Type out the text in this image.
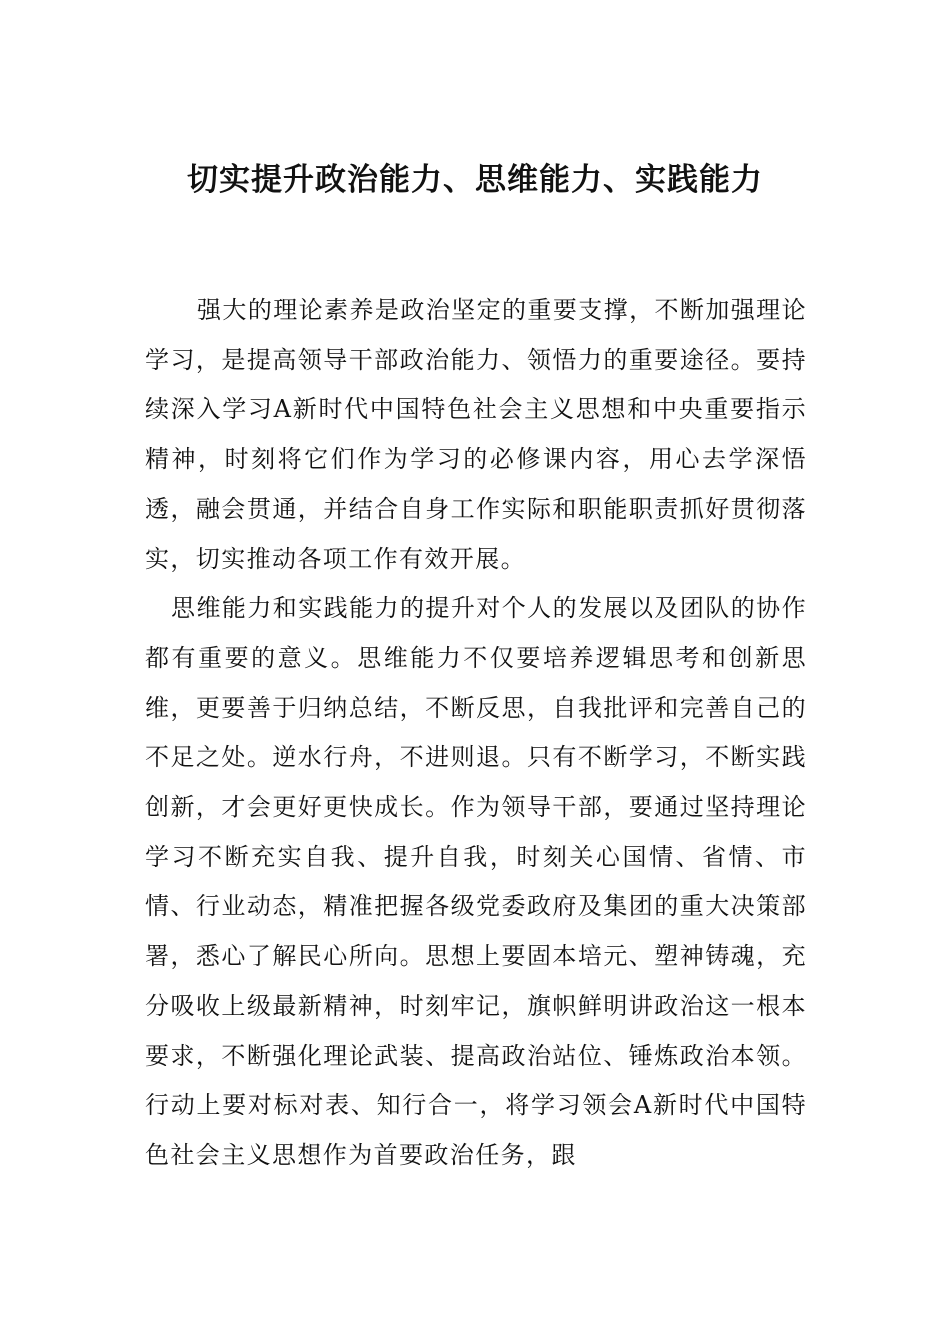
切实提升政治能力、思维能力、实践能力

强大的理论素养是政治坚定的重要支撑，不断加强理论学习，是提高领导干部政治能力、领悟力的重要途径。要持续深入学习A新时代中国特色社会主义思想和中央重要指示精神，时刻将它们作为学习的必修课内容，用心去学深悟透，融会贯通，并结合自身工作实际和职能职责抓好贯彻落实，切实推动各项工作有效开展。

思维能力和实践能力的提升对个人的发展以及团队的协作都有重要的意义。思维能力不仅要培养逻辑思考和创新思维，更要善于归纳总结，不断反思，自我批评和完善自己的不足之处。逆水行舟，不进则退。只有不断学习，不断实践创新，才会更好更快成长。作为领导干部，要通过坚持理论学习不断充实自我、提升自我，时刻关心国情、省情、市情、行业动态，精准把握各级党委政府及集团的重大决策部署，悉心了解民心所向。思想上要固本培元、塑神铸魂，充分吸收上级最新精神，时刻牢记，旗帜鲜明讲政治这一根本要求，不断强化理论武装、提高政治站位、锤炼政治本领。行动上要对标对表、知行合一，将学习领会A新时代中国特色社会主义思想作为首要政治任务，跟
